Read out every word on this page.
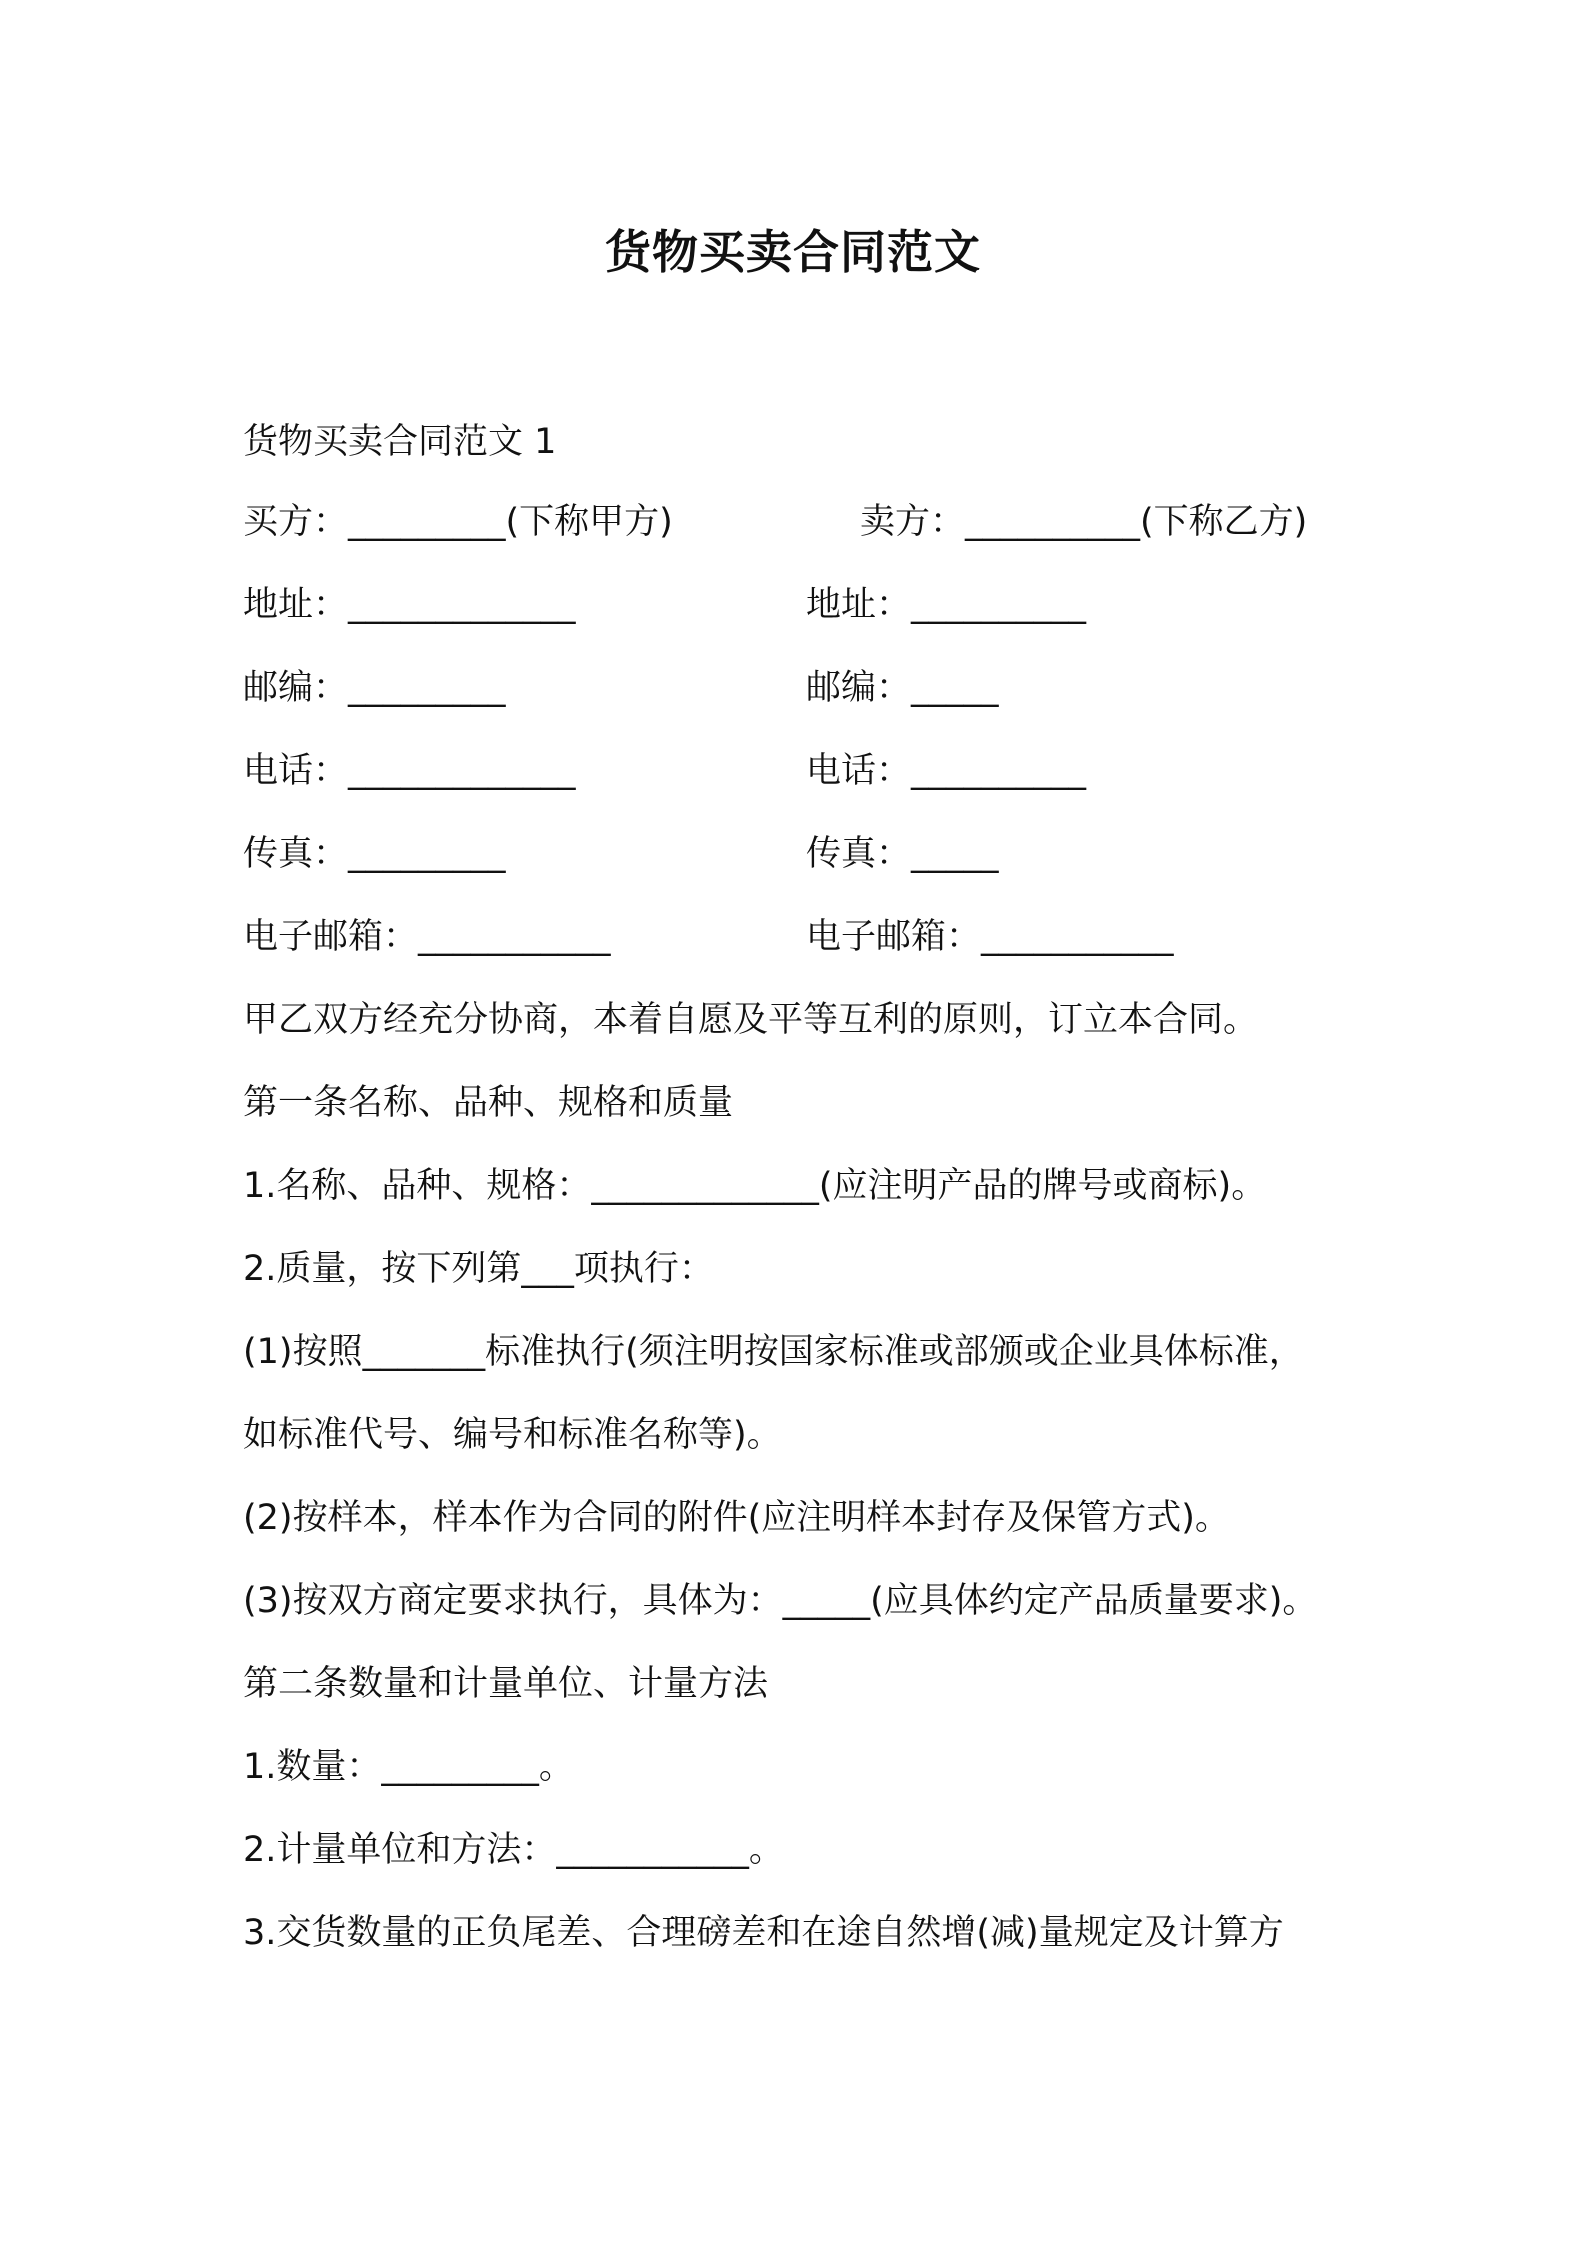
货物买卖合同范文
货物买卖合同范文 1
买方：_________(下称甲方)	卖方：__________(下称乙方)
地址：_____________	地址：__________
邮编：_________	邮编：_____
电话：_____________	电话：__________
传真：_________	传真：_____
电子邮箱：___________	电子邮箱：___________
甲乙双方经充分协商，本着自愿及平等互利的原则，订立本合同。
第一条名称、品种、规格和质量
1.名称、品种、规格：_____________(应注明产品的牌号或商标)。
2.质量，按下列第___项执行：
(1)按照_______标准执行(须注明按国家标准或部颁或企业具体标准，
如标准代号、编号和标准名称等)。
(2)按样本，样本作为合同的附件(应注明样本封存及保管方式)。
(3)按双方商定要求执行，具体为：_____(应具体约定产品质量要求)。
第二条数量和计量单位、计量方法
1.数量：_________。
2.计量单位和方法：___________。
3.交货数量的正负尾差、合理磅差和在途自然增(减)量规定及计算方
